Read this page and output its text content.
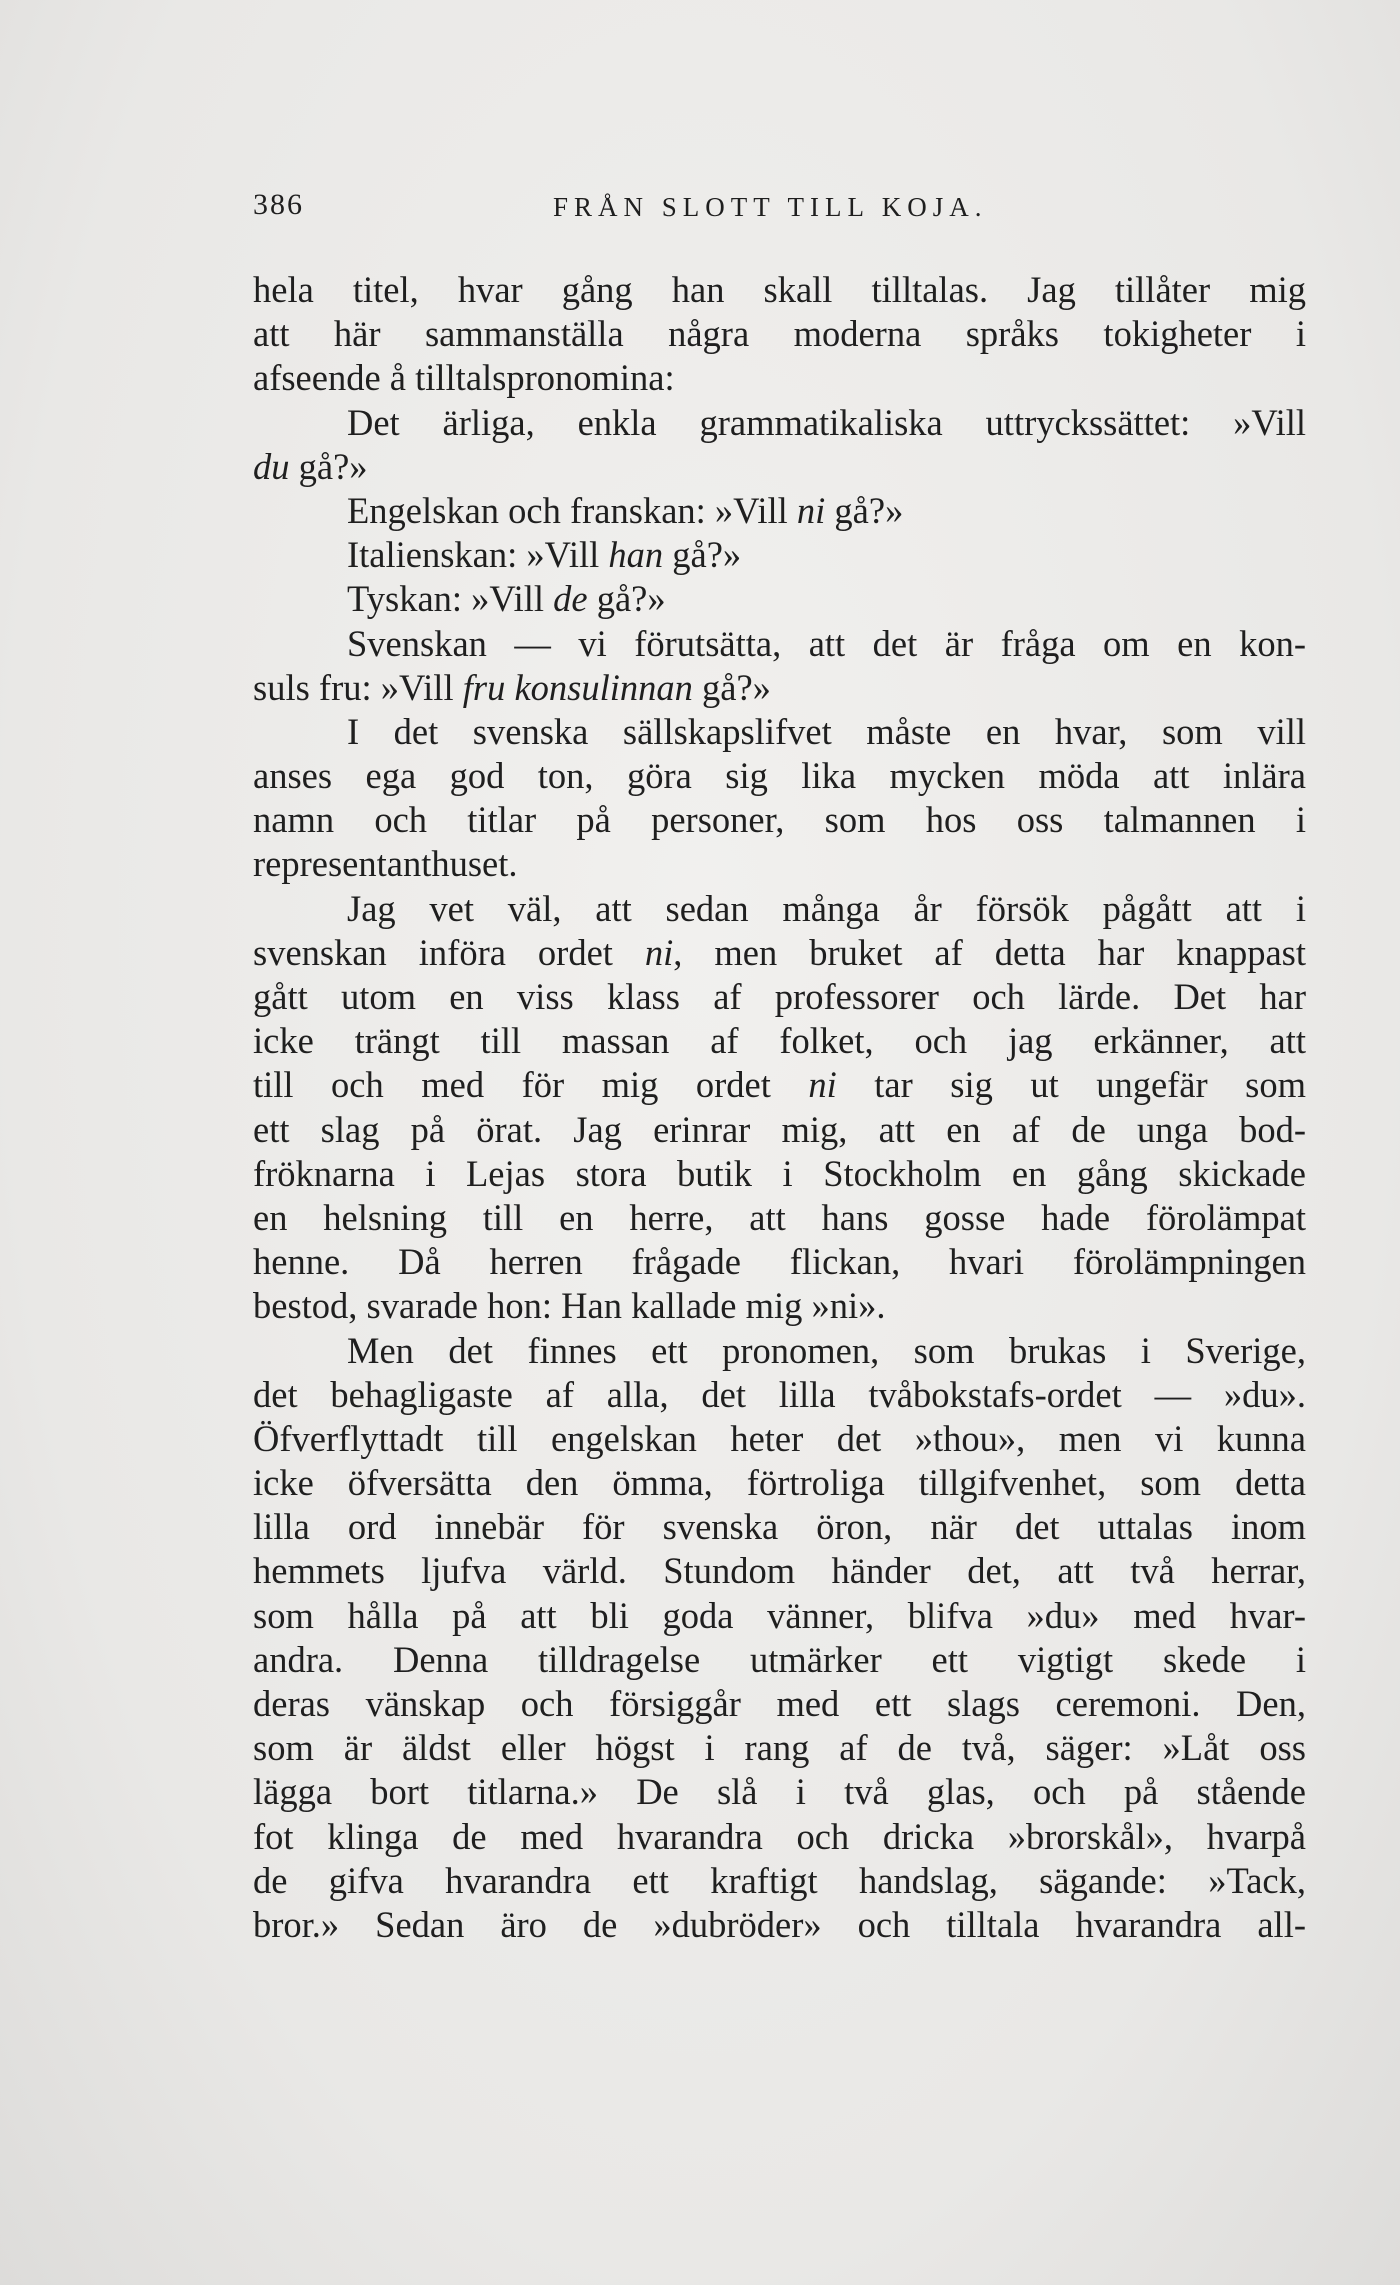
386	FRÅN SLOTT TILL KOJA.
hela titel, hvar gång han skall tilltalas. Jag tillåter mig
att här sammanställa några moderna språks tokigheter i
afseende å tilltalspronomina:
Det ärliga, enkla grammatikaliska uttryckssättet: »Vill
du gå?»
Engelskan och franskan: »Vill ni gå?»
Italienskan: »Vill han gå?»
Tyskan: »Vill de gå?»
Svenskan — vi förutsätta, att det är fråga om en kon-
suls fru: »Vill fru konsulinnan gå?»
I det svenska sällskapslifvet måste en hvar, som vill
anses ega god ton, göra sig lika mycken möda att inlära
namn och titlar på personer, som hos oss talmannen i
representanthuset.
Jag vet väl, att sedan många år försök pågått att i
svenskan införa ordet ni, men bruket af detta har knappast
gått utom en viss klass af professorer och lärde. Det har
icke trängt till massan af folket, och jag erkänner, att
till och med för mig ordet ni tar sig ut ungefär som
ett slag på örat. Jag erinrar mig, att en af de unga bod-
fröknarna i Lejas stora butik i Stockholm en gång skickade
en helsning till en herre, att hans gosse hade förolämpat
henne. Då herren frågade flickan, hvari förolämpningen
bestod, svarade hon: Han kallade mig »ni».
Men det finnes ett pronomen, som brukas i Sverige,
det behagligaste af alla, det lilla tvåbokstafs-ordet — »du».
Öfverflyttadt till engelskan heter det »thou», men vi kunna
icke öfversätta den ömma, förtroliga tillgifvenhet, som detta
lilla ord innebär för svenska öron, när det uttalas inom
hemmets ljufva värld. Stundom händer det, att två herrar,
som hålla på att bli goda vänner, blifva »du» med hvar-
andra. Denna tilldragelse utmärker ett vigtigt skede i
deras vänskap och försiggår med ett slags ceremoni. Den,
som är äldst eller högst i rang af de två, säger: »Låt oss
lägga bort titlarna.» De slå i två glas, och på stående
fot klinga de med hvarandra och dricka »brorskål», hvarpå
de gifva hvarandra ett kraftigt handslag, sägande: »Tack,
bror.» Sedan äro de »dubröder» och tilltala hvarandra all-
